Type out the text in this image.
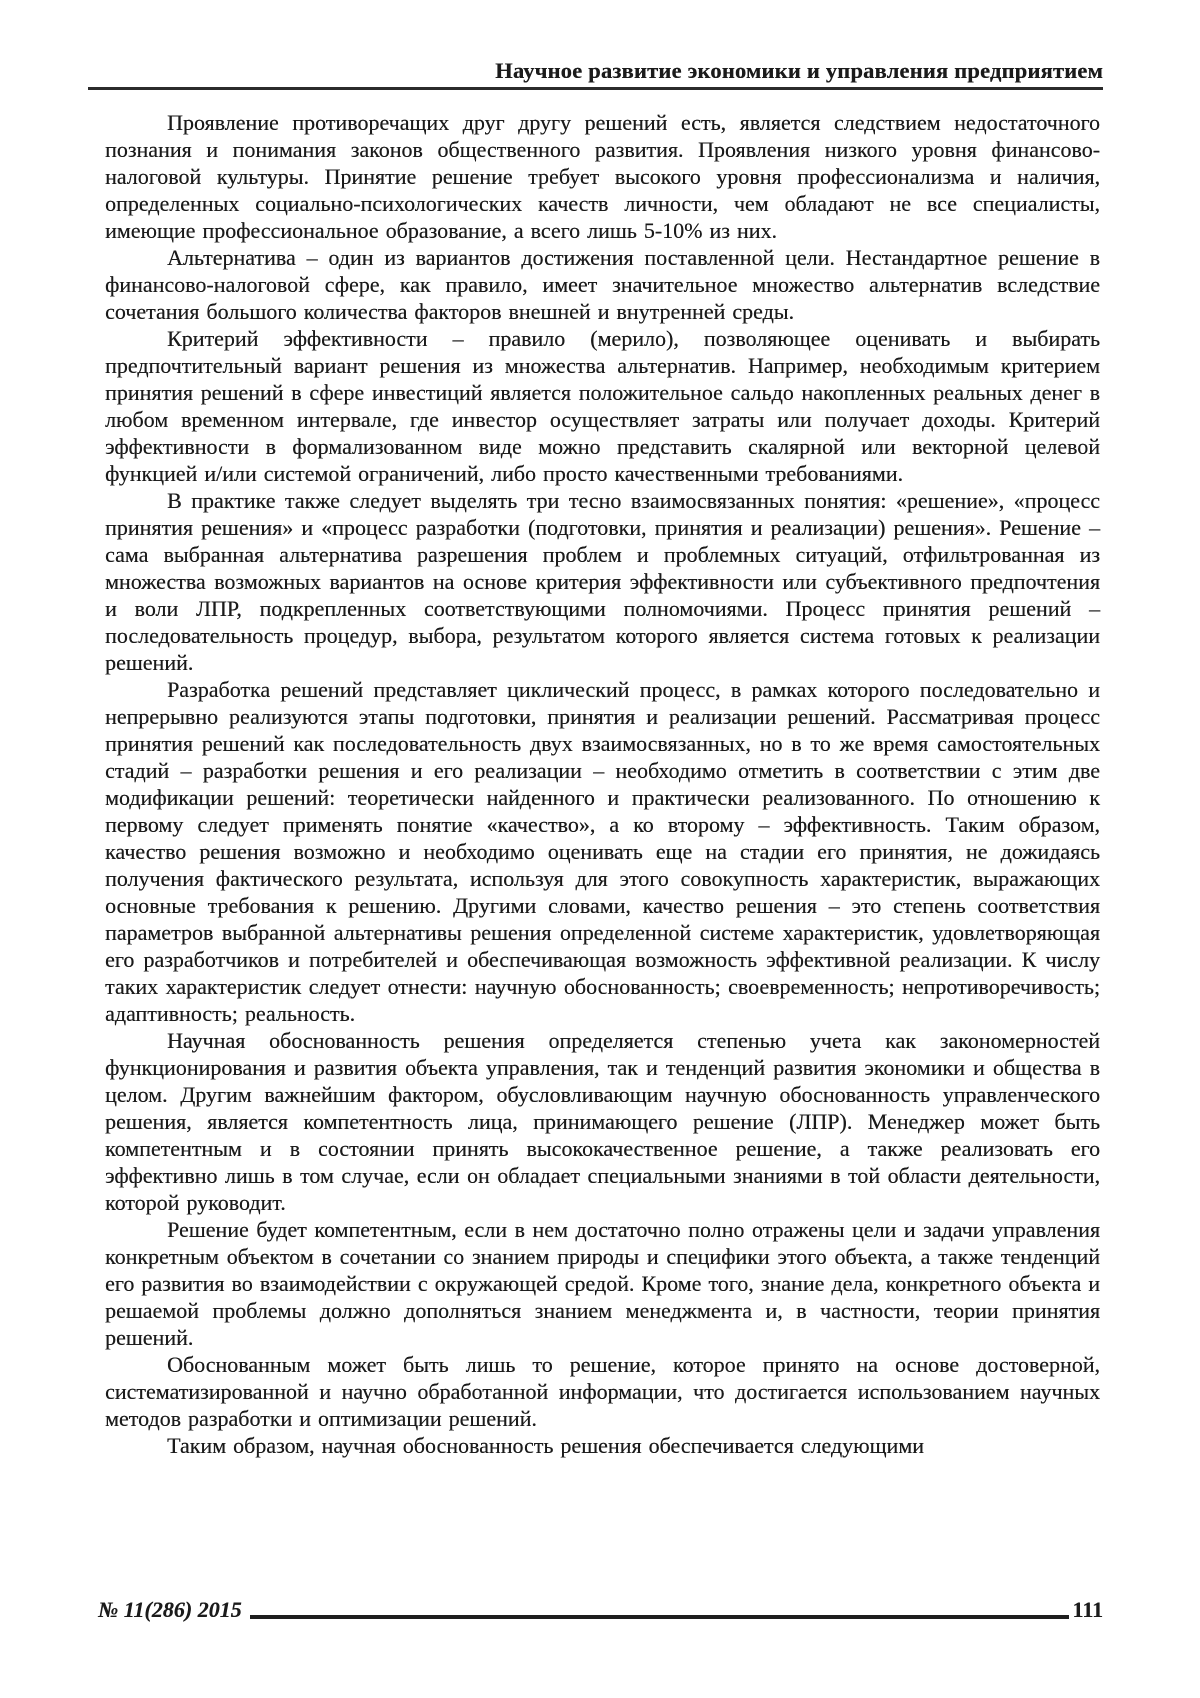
Научное развитие экономики и управления предприятием

Проявление противоречащих друг другу решений есть, является следствием недостаточного познания и понимания законов общественного развития. Проявления низкого уровня финансово-налоговой культуры. Принятие решение требует высокого уровня профессионализма и наличия, определенных социально-психологических качеств личности, чем обладают не все специалисты, имеющие профессиональное образование, а всего лишь 5-10% из них.

Альтернатива – один из вариантов достижения поставленной цели. Нестандартное решение в финансово-налоговой сфере, как правило, имеет значительное множество альтернатив вследствие сочетания большого количества факторов внешней и внутренней среды.

Критерий эффективности – правило (мерило), позволяющее оценивать и выбирать предпочтительный вариант решения из множества альтернатив. Например, необходимым критерием принятия решений в сфере инвестиций является положительное сальдо накопленных реальных денег в любом временном интервале, где инвестор осуществляет затраты или получает доходы. Критерий эффективности в формализованном виде можно представить скалярной или векторной целевой функцией и/или системой ограничений, либо просто качественными требованиями.

В практике также следует выделять три тесно взаимосвязанных понятия: «решение», «процесс принятия решения» и «процесс разработки (подготовки, принятия и реализации) решения». Решение – сама выбранная альтернатива разрешения проблем и проблемных ситуаций, отфильтрованная из множества возможных вариантов на основе критерия эффективности или субъективного предпочтения и воли ЛПР, подкрепленных соответствующими полномочиями. Процесс принятия решений – последовательность процедур, выбора, результатом которого является система готовых к реализации решений.

Разработка решений представляет циклический процесс, в рамках которого последовательно и непрерывно реализуются этапы подготовки, принятия и реализации решений. Рассматривая процесс принятия решений как последовательность двух взаимосвязанных, но в то же время самостоятельных стадий – разработки решения и его реализации – необходимо отметить в соответствии с этим две модификации решений: теоретически найденного и практически реализованного. По отношению к первому следует применять понятие «качество», а ко второму – эффективность. Таким образом, качество решения возможно и необходимо оценивать еще на стадии его принятия, не дожидаясь получения фактического результата, используя для этого совокупность характеристик, выражающих основные требования к решению. Другими словами, качество решения – это степень соответствия параметров выбранной альтернативы решения определенной системе характеристик, удовлетворяющая его разработчиков и потребителей и обеспечивающая возможность эффективной реализации. К числу таких характеристик следует отнести: научную обоснованность; своевременность; непротиворечивость; адаптивность; реальность.

Научная обоснованность решения определяется степенью учета как закономерностей функционирования и развития объекта управления, так и тенденций развития экономики и общества в целом. Другим важнейшим фактором, обусловливающим научную обоснованность управленческого решения, является компетентность лица, принимающего решение (ЛПР). Менеджер может быть компетентным и в состоянии принять высококачественное решение, а также реализовать его эффективно лишь в том случае, если он обладает специальными знаниями в той области деятельности, которой руководит.

Решение будет компетентным, если в нем достаточно полно отражены цели и задачи управления конкретным объектом в сочетании со знанием природы и специфики этого объекта, а также тенденций его развития во взаимодействии с окружающей средой. Кроме того, знание дела, конкретного объекта и решаемой проблемы должно дополняться знанием менеджмента и, в частности, теории принятия решений.

Обоснованным может быть лишь то решение, которое принято на основе достоверной, систематизированной и научно обработанной информации, что достигается использованием научных методов разработки и оптимизации решений.

Таким образом, научная обоснованность решения обеспечивается следующими

№ 11(286) 2015	111
